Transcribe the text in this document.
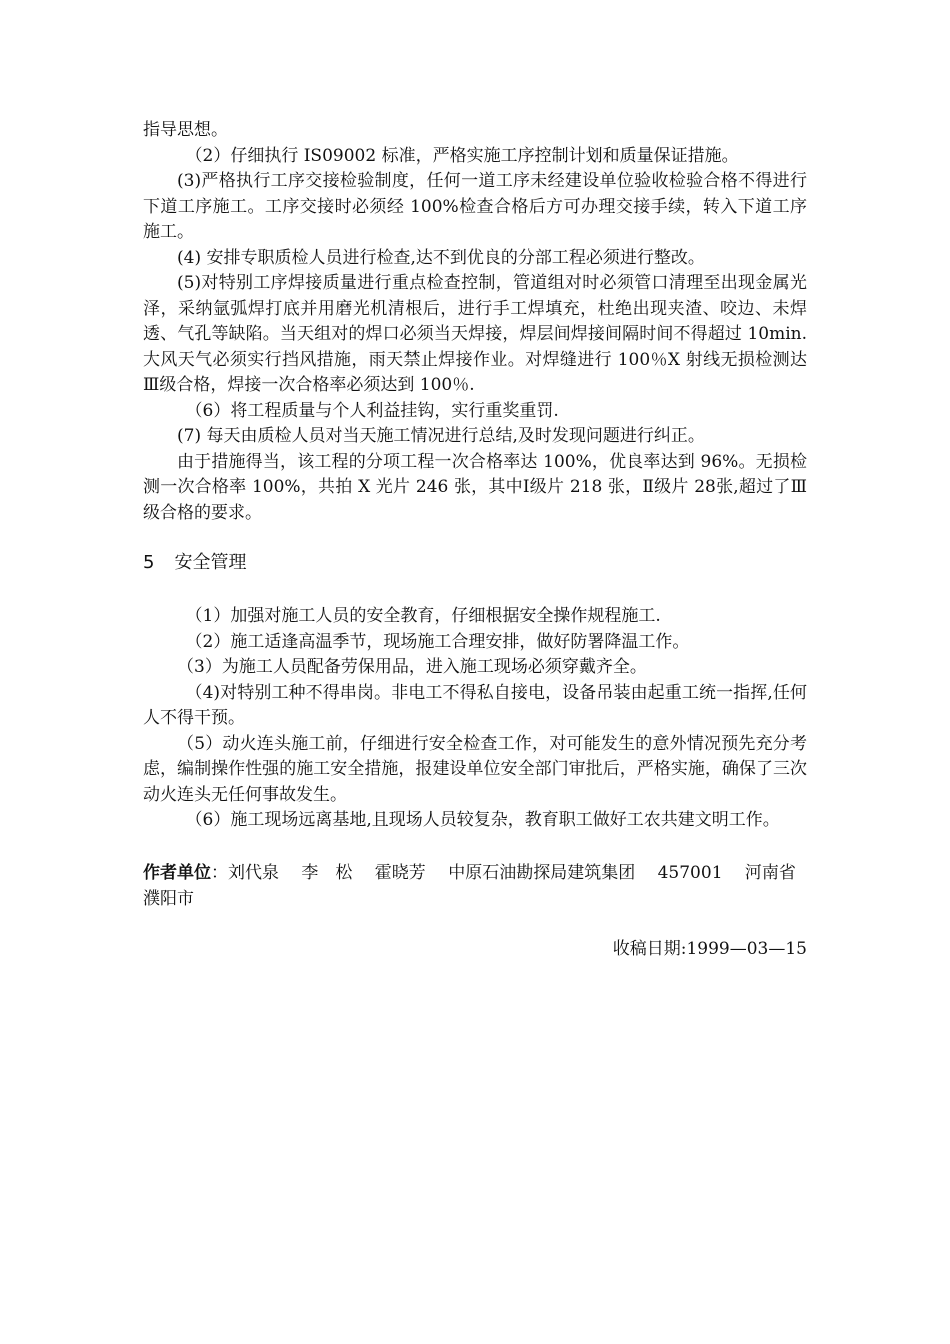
指导思想。

（2）仔细执行 IS09002 标准，严格实施工序控制计划和质量保证措施。

(3)严格执行工序交接检验制度，任何一道工序未经建设单位验收检验合格不得进行下道工序施工。工序交接时必须经 100%检查合格后方可办理交接手续，转入下道工序施工。

(4) 安排专职质检人员进行检查,达不到优良的分部工程必须进行整改。

(5)对特别工序焊接质量进行重点检查控制，管道组对时必须管口清理至出现金属光泽，采纳氩弧焊打底并用磨光机清根后，进行手工焊填充，杜绝出现夹渣、咬边、未焊透、气孔等缺陷。当天组对的焊口必须当天焊接，焊层间焊接间隔时间不得超过 10min.大风天气必须实行挡风措施，雨天禁止焊接作业。对焊缝进行 100％X 射线无损检测达Ⅲ级合格，焊接一次合格率必须达到 100％.

（6）将工程质量与个人利益挂钩，实行重奖重罚.

(7) 每天由质检人员对当天施工情况进行总结,及时发现问题进行纠正。

由于措施得当，该工程的分项工程一次合格率达 100%，优良率达到 96%。无损检测一次合格率 100%，共拍 X 光片 246 张，其中Ⅰ级片 218 张，Ⅱ级片 28张,超过了Ⅲ级合格的要求。

5 安全管理

（1）加强对施工人员的安全教育，仔细根据安全操作规程施工.

（2）施工适逢高温季节，现场施工合理安排，做好防署降温工作。

（3）为施工人员配备劳保用品，进入施工现场必须穿戴齐全。

（4)对特别工种不得串岗。非电工不得私自接电，设备吊装由起重工统一指挥,任何人不得干预。

（5）动火连头施工前，仔细进行安全检查工作，对可能发生的意外情况预先充分考虑，编制操作性强的施工安全措施，报建设单位安全部门审批后，严格实施，确保了三次动火连头无任何事故发生。

（6）施工现场远离基地,且现场人员较复杂，教育职工做好工农共建文明工作。

作者单位：刘代泉　 李　松　 霍晓芳　 中原石油勘探局建筑集团　 457001　 河南省濮阳市

收稿日期:1999—03—15
